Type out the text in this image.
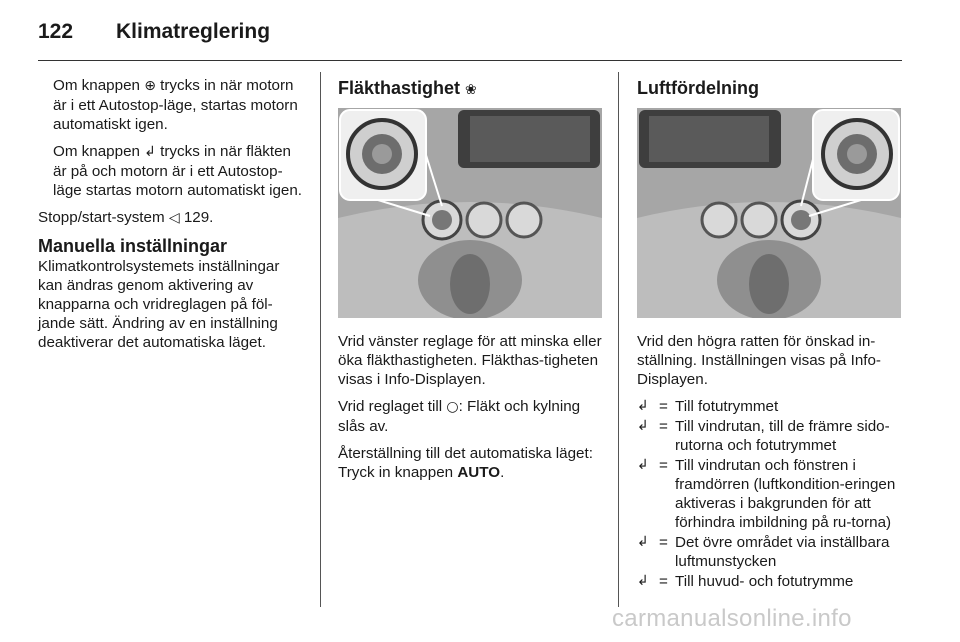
122 Klimatreglering

Om knappen ⊕ trycks in när motorn är i ett Autostop-läge, startas motorn automatiskt igen.

Om knappen ↲ trycks in när fläkten är på och motorn är i ett Autostop-läge startas motorn automatiskt igen.

Stopp/start-system ◁ 129.

Manuella inställningar

Klimatkontrolsystemets inställningar kan ändras genom aktivering av knapparna och vridreglagen på föl-jande sätt. Ändring av en inställning deaktiverar det automatiska läget.

Fläkthastighet ❀

Vrid vänster reglage för att minska eller öka fläkthastigheten. Fläkthas-tigheten visas i Info-Displayen.

Vrid reglaget till ○: Fläkt och kylning slås av.

Återställning till det automatiska läget: Tryck in knappen AUTO.

Luftfördelning

Vrid den högra ratten för önskad in-ställning. Inställningen visas på Info-Displayen.

↲ = Till fotutrymmet
↲ = Till vindrutan, till de främre sido-rutorna och fotutrymmet
↲ = Till vindrutan och fönstren i framdörren (luftkondition-eringen aktiveras i bakgrunden för att förhindra imbildning på ru-torna)
↲ = Det övre området via inställbara luftmunstycken
↲ = Till huvud- och fotutrymme
carmanualsonline.info
